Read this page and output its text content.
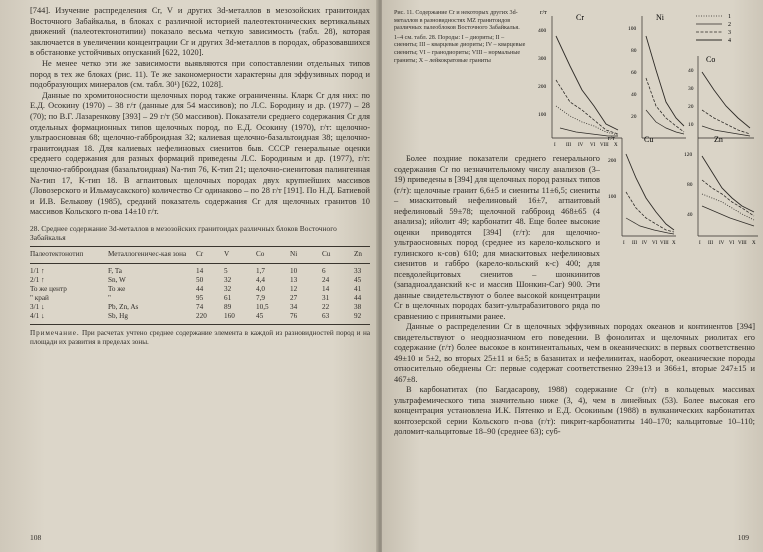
[744]. Изучение распределения Cr, V и других 3d-металлов в мезозойских гранитоидах Восточного Забайкалья, в блоках с различной историей палеотектонических вертикальных движений (палеотектонотипии) показало весьма четкую зависимость (табл. 28), которая заключается в увеличении концентрации Cr и других 3d-металлов в породах, образовавшихся в обстановке устойчивых опусканий [622, 1020].

Не менее четко эти же зависимости выявляются при сопоставлении отдельных типов пород в тех же блоках (рис. 11). Те же закономерности характерны для эффузивных пород и подобразующих минералов (см. табл. 30¹) [622, 1028].

Данные по хромитоносности щелочных пород также ограниченны. Кларк Cr для них: по Е.Д. Осокину (1970) – 38 г/т (данные для 54 массивов); по Л.С. Бородину и др. (1977) – 28 (70); по В.Г. Лазаренкову [393] – 29 г/т (50 массивов). Показатели среднего содержания Cr для отдельных формационных типов щелочных пород, по Е.Д. Осокину (1970), г/т: щелочно-ультраосновная 68; щелочно-габброидная 32; калиевая щелочно-базальтоидная 38; щелочно-гранитоидная 18. Для калиевых нефелиновых сиенитов быв. СССР генеральные оценки среднего содержания для разных формаций приведены Л.С. Бородиным и др. (1977), г/т: щелочно-габброидная (базальтоидная) Na-тип 76, K-тип 21; щелочно-сиенитовая палингенная Na-тип 17, K-тип 18. В агпаитовых щелочных породах двух крупнейших массивов (Ловозерского и Ильмаусакского) количество Cr одинаково – по 28 г/т [191]. По Н.Д. Батиевой и И.В. Белькову (1985), средний показатель содержания Cr для щелочных гранитов 10 массивов Кольского п-ова 14±10 г/т.

28. Среднее содержание 3d-металлов в мезозойских гранитоидах различных блоков Восточного Забайкалья
Палеотектонотип	Металлогеничес-кая зона	Cr	V	Co	Ni	Cu	Zn
1/1 ↑	F, Ta	14	5	1,7	10	6	33
2/1 ↑	Sn, W	50	32	4,4	13	24	45
То же центр	То же	44	32	4,0	12	14	41
" край	"	95	61	7,9	27	31	44
3/1 ↓	Pb, Zn, As	74	89	10,5	34	22	38
4/1 ↓	Sb, Hg	220	160	45	76	63	92
Примечание. При расчетах учтено среднее содержание элемента в каждой из разновидностей пород и на площади их развития в пределах зоны.
108
Рис. 11. Содержание Cr и некоторых других 3d-металлов в разновидностях МZ гранитоидов различных палеоблоков Восточного Забайкалья.
1–4 см. табл. 28. Породы: I – диориты; II – сиениты; III – кварцевые диориты; IV – кварцевые сиениты; VI – гранодиориты; VIII – нормальные граниты; X – лейкократовые граниты
г/т	Cr
400
300
200
100
I III IV VI VIII X
Ni
100
80
60
40
20
1
2
3
4
Co
40
30
20
10

Более поздние показатели среднего генерального содержания Cr по незначительному числу анализов (3–19) приведены в [394] для щелочных пород разных типов (г/т): щелочные гранит 6,6±5 и сиениты 11±6,5; сиениты – миаскитовый нефелиновый 16±7, агпаитовый нефелиновый 59±78; щелочной габброид 468±65 (4 анализа); ийолит 49; карбонатит 48. Еще более высокие оценки приводятся [394] (г/т): для щелочно-ультраосновных пород (среднее из карело-кольского и гулинского к-сов) 610; для миаскитовых нефелиновых сиенитов и габбро (карело-кольский к-с) 400; для псевдолейцитовых сиенитов – шонкинитов (западноалданский к-с и массив Шонкин-Саг) 900. Эти данные свидетельствуют о более высокой концентрации Cr в щелочных породах базит-ультрабазитового ряда по сравнению с принятыми ранее.

г/т	Cu
200
100
I III IV VI VIII X
Zn
120
80
40
I III IV VI VIII X

Данные о распределении Cr в щелочных эффузивных породах океанов и континентов [394] свидетельствуют о неоднозначном его поведении. В фонолитах и щелочных риолитах его содержание (г/т) более высокое в континентальных, чем в океанических: в первых соответственно 49±10 и 5±2, во вторых 25±11 и 6±5; в базанитах и нефелинитах, наоборот, океанические породы относительно обеднены Cr: первые содержат соответственно 239±13 и 366±1, вторые 247±15 и 467±8.

В карбонатитах (по Багдасарову, 1988) содержание Cr (г/т) в кольцевых массивах ультрафемического типа значительно ниже (3, 4), чем в линейных (53). Более высокая его концентрация установлена И.К. Пятенко и Е.Д. Осокиным (1988) в вулканических карбонатитах контозерской серии Кольского п-ова (г/т): пикрит-карбонатиты 140–170; кальцитовые 10–110; доломит-кальцитовые 18–90 (среднее 63); суб-

109
